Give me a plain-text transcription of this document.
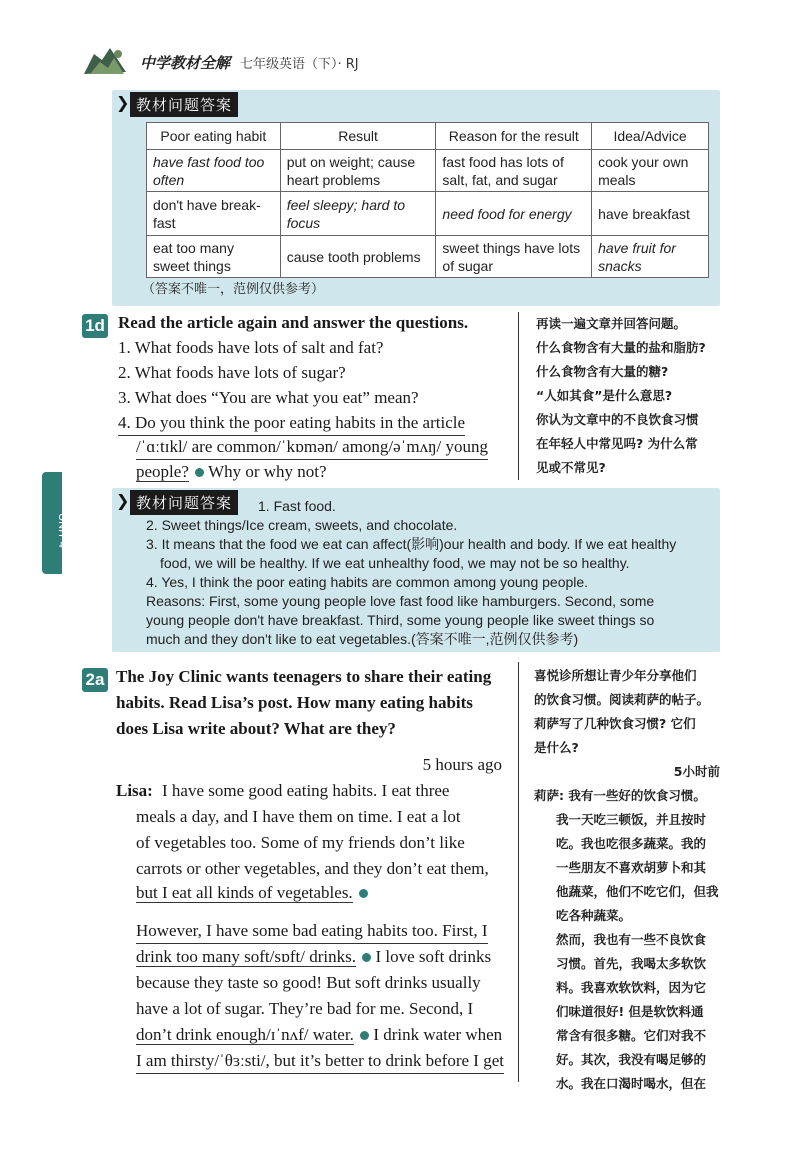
中学教材全解 七年级英语（下）· RJ
❯ 教材问题答案
Poor eating habit	Result	Reason for the result	Idea/Advice
have fast food too often	put on weight; cause heart problems	fast food has lots of salt, fat, and sugar	cook your own meals
don't have break-fast	feel sleepy; hard to focus	need food for energy	have breakfast
eat too many sweet things	cause tooth problems	sweet things have lots of sugar	have fruit for snacks
（答案不唯一，范例仅供参考）
1d Read the article again and answer the questions.
1. What foods have lots of salt and fat?
2. What foods have lots of sugar?
3. What does “You are what you eat” mean?
4. Do you think the poor eating habits in the article
/ˈɑːtɪkl/ are common/ˈkɒmən/ among/əˈmʌŋ/ young
people?  Why or why not?
再读一遍文章并回答问题。
什么食物含有大量的盐和脂肪?
什么食物含有大量的糖?
“人如其食”是什么意思?
你认为文章中的不良饮食习惯
在年轻人中常见吗? 为什么常
见或不常见?
UNIT 4
❯ 教材问题答案	1. Fast food.
2. Sweet things/Ice cream, sweets, and chocolate.
3. It means that the food we eat can affect(影响)our health and body. If we eat healthy
food, we will be healthy. If we eat unhealthy food, we may not be so healthy.
4. Yes, I think the poor eating habits are common among young people.
Reasons: First, some young people love fast food like hamburgers. Second, some
young people don't have breakfast. Third, some young people like sweet things so
much and they don't like to eat vegetables.(答案不唯一,范例仅供参考)
2a The Joy Clinic wants teenagers to share their eating
habits. Read Lisa’s post. How many eating habits
does Lisa write about? What are they?
5 hours ago
Lisa: I have some good eating habits. I eat three
meals a day, and I have them on time. I eat a lot
of vegetables too. Some of my friends don’t like
carrots or other vegetables, and they don’t eat them,
but I eat all kinds of vegetables.
However, I have some bad eating habits too. First, I
drink too many soft/sɒft/ drinks.  I love soft drinks
because they taste so good! But soft drinks usually
have a lot of sugar. They’re bad for me. Second, I
don’t drink enough/ɪˈnʌf/ water.  I drink water when
I am thirsty/ˈθɜːsti/, but it’s better to drink before I get
喜悦诊所想让青少年分享他们
的饮食习惯。阅读莉萨的帖子。
莉萨写了几种饮食习惯? 它们
是什么?
5小时前
莉萨: 我有一些好的饮食习惯。
我一天吃三顿饭，并且按时
吃。我也吃很多蔬菜。我的
一些朋友不喜欢胡萝卜和其
他蔬菜，他们不吃它们，但我
吃各种蔬菜。
然而，我也有一些不良饮食
习惯。首先，我喝太多软饮
料。我喜欢软饮料，因为它
们味道很好! 但是软饮料通
常含有很多糖。它们对我不
好。其次，我没有喝足够的
水。我在口渴时喝水，但在
